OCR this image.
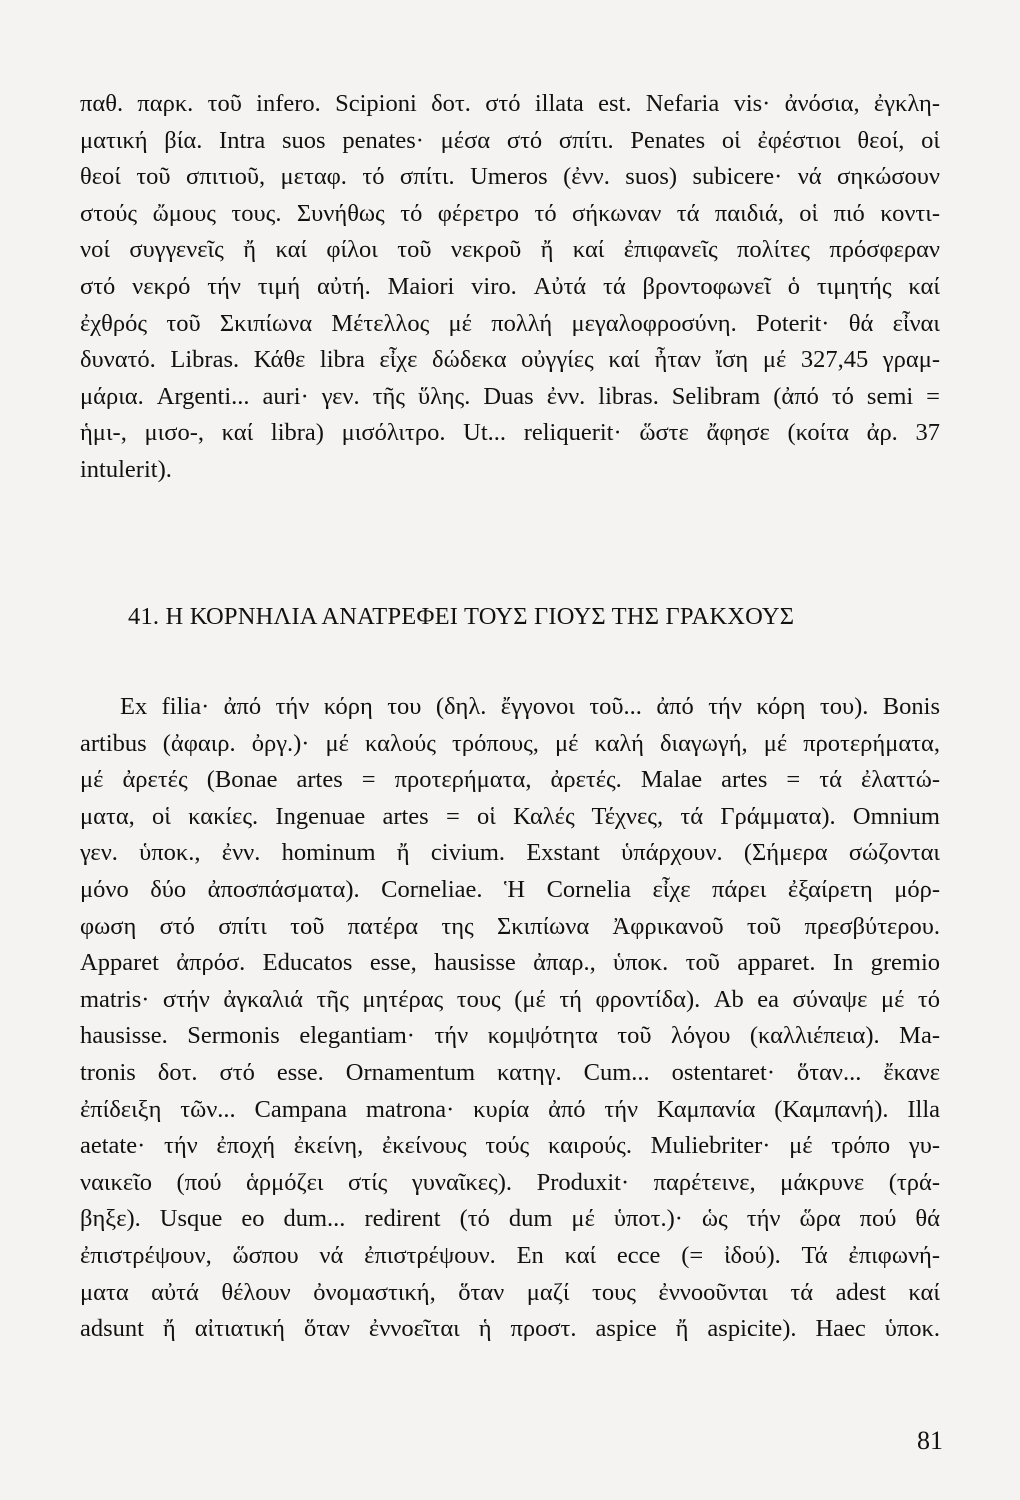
παθ. παρκ. τοῦ infero. Scipioni δοτ. στό illata est. Nefaria vis· ἀνόσια, ἐγκλη-
ματική βία. Intra suos penates· μέσα στό σπίτι. Penates οἱ ἐφέστιοι θεοί, οἱ
θεοί τοῦ σπιτιοῦ, μεταφ. τό σπίτι. Umeros (ἐνν. suos) subicere· νά σηκώσουν
στούς ὤμους τους. Συνήθως τό φέρετρο τό σήκωναν τά παιδιά, οἱ πιό κοντι-
νοί συγγενεῖς ἤ καί φίλοι τοῦ νεκροῦ ἤ καί ἐπιφανεῖς πολίτες πρόσφεραν
στό νεκρό τήν τιμή αὐτή. Maiori viro. Αὐτά τά βροντοφωνεῖ ὁ τιμητής καί
ἐχθρός τοῦ Σκιπίωνα Μέτελλος μέ πολλή μεγαλοφροσύνη. Poterit· θά εἶναι
δυνατό. Libras. Κάθε libra εἶχε δώδεκα οὐγγίες καί ἦταν ἴση μέ 327,45 γραμ-
μάρια. Argenti... auri· γεν. τῆς ὕλης. Duas ἐνν. libras. Selibram (ἀπό τό semi =
ἡμι-, μισο-, καί libra) μισόλιτρο. Ut... reliquerit· ὥστε ἄφησε (κοίτα ἀρ. 37
intulerit).
41. Η ΚΟΡΝΗΛΙΑ ΑΝΑΤΡΕΦΕΙ ΤΟΥΣ ΓΙΟΥΣ ΤΗΣ ΓΡΑΚΧΟΥΣ
Ex filia· ἀπό τήν κόρη του (δηλ. ἔγγονοι τοῦ... ἀπό τήν κόρη του). Bonis
artibus (ἀφαιρ. ὀργ.)· μέ καλούς τρόπους, μέ καλή διαγωγή, μέ προτερήματα,
μέ ἀρετές (Bonae artes = προτερήματα, ἀρετές. Malae artes = τά ἐλαττώ-
ματα, οἱ κακίες. Ingenuae artes = οἱ Καλές Τέχνες, τά Γράμματα). Omnium
γεν. ὑποκ., ἐνν. hominum ἤ civium. Exstant ὑπάρχουν. (Σήμερα σώζονται
μόνο δύο ἀποσπάσματα). Corneliae. Ἡ Cornelia εἶχε πάρει ἐξαίρετη μόρ-
φωση στό σπίτι τοῦ πατέρα της Σκιπίωνα Ἀφρικανοῦ τοῦ πρεσβύτερου.
Apparet ἀπρόσ. Educatos esse, hausisse ἀπαρ., ὑποκ. τοῦ apparet. In gremio
matris· στήν ἀγκαλιά τῆς μητέρας τους (μέ τή φροντίδα). Ab ea σύναψε μέ τό
hausisse. Sermonis elegantiam· τήν κομψότητα τοῦ λόγου (καλλιέπεια). Ma-
tronis δοτ. στό esse. Ornamentum κατηγ. Cum... ostentaret· ὅταν... ἔκανε
ἐπίδειξη τῶν... Campana matrona· κυρία ἀπό τήν Καμπανία (Καμπανή). Illa
aetate· τήν ἐποχή ἐκείνη, ἐκείνους τούς καιρούς. Muliebriter· μέ τρόπο γυ-
ναικεῖο (πού ἁρμόζει στίς γυναῖκες). Produxit· παρέτεινε, μάκρυνε (τρά-
βηξε). Usque eo dum... redirent (τό dum μέ ὑποτ.)· ὡς τήν ὥρα πού θά
ἐπιστρέψουν, ὥσπου νά ἐπιστρέψουν. En καί ecce (= ἰδού). Τά ἐπιφωνή-
ματα αὐτά θέλουν ὀνομαστική, ὅταν μαζί τους ἐννοοῦνται τά adest καί
adsunt ἤ αἰτιατική ὅταν ἐννοεῖται ἡ προστ. aspice ἤ aspicite). Haec ὑποκ.
81
